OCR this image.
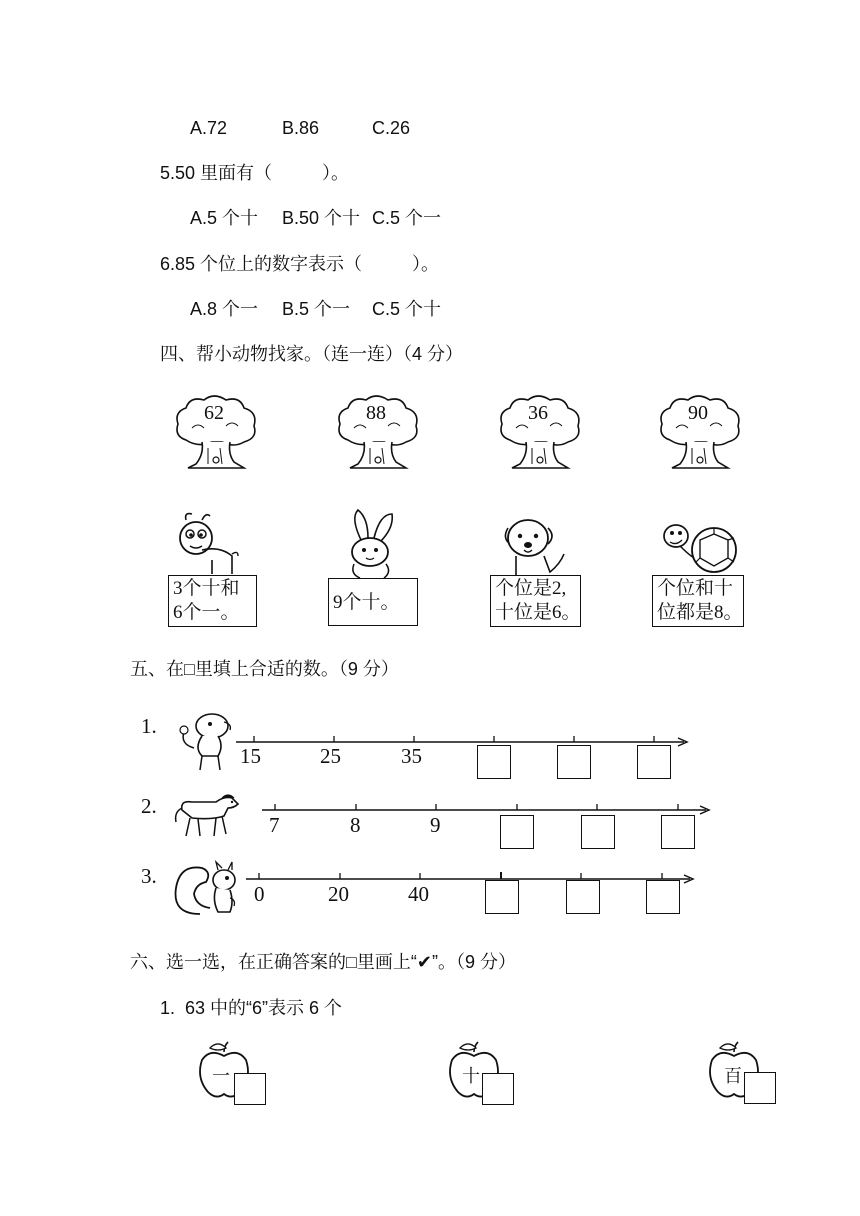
A.72	B.86	C.26
5.50 里面有（          ）。
A.5 个十 B.50 个十 C.5 个一
6.85 个位上的数字表示（          ）。
A.8 个一 B.5 个一 C.5 个十
四、帮小动物找家。（连一连）（4 分）
62	88	36	90
3个十和
6个一。	9个十。
个位是2,
十位是6。
个位和十
位都是8。
五、在□里填上合适的数。（9 分）
1.
15	25	35
2.
7	8	9
3.
0	20	40
六、选一选，在正确答案的□里画上“✔”。（9 分）
1.  63 中的“6”表示 6 个
一	十	百
